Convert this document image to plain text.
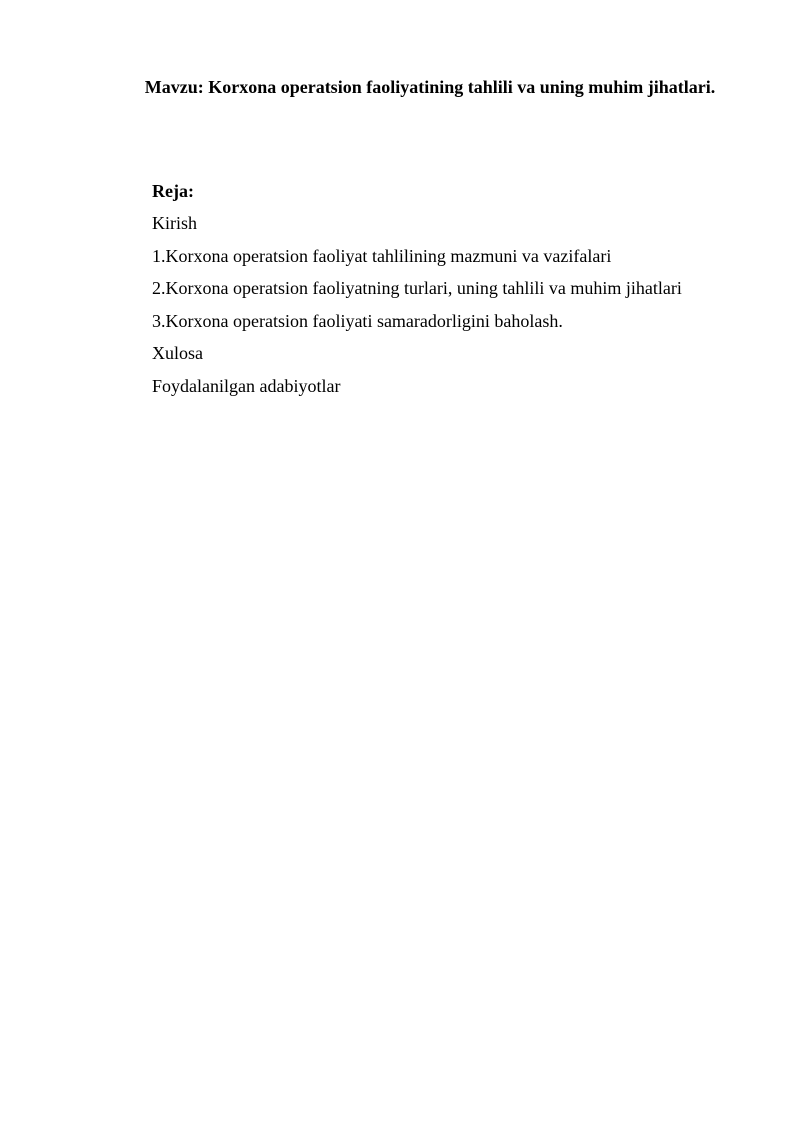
Mavzu: Korxona operatsion faoliyatining tahlili va uning muhim jihatlari.
Reja:
Kirish
1.Korxona operatsion faoliyat tahlilining mazmuni va vazifalari
2.Korxona operatsion faoliyatning turlari, uning tahlili va muhim jihatlari
3.Korxona operatsion faoliyati samaradorligini baholash.
Xulosa
Foydalanilgan adabiyotlar
